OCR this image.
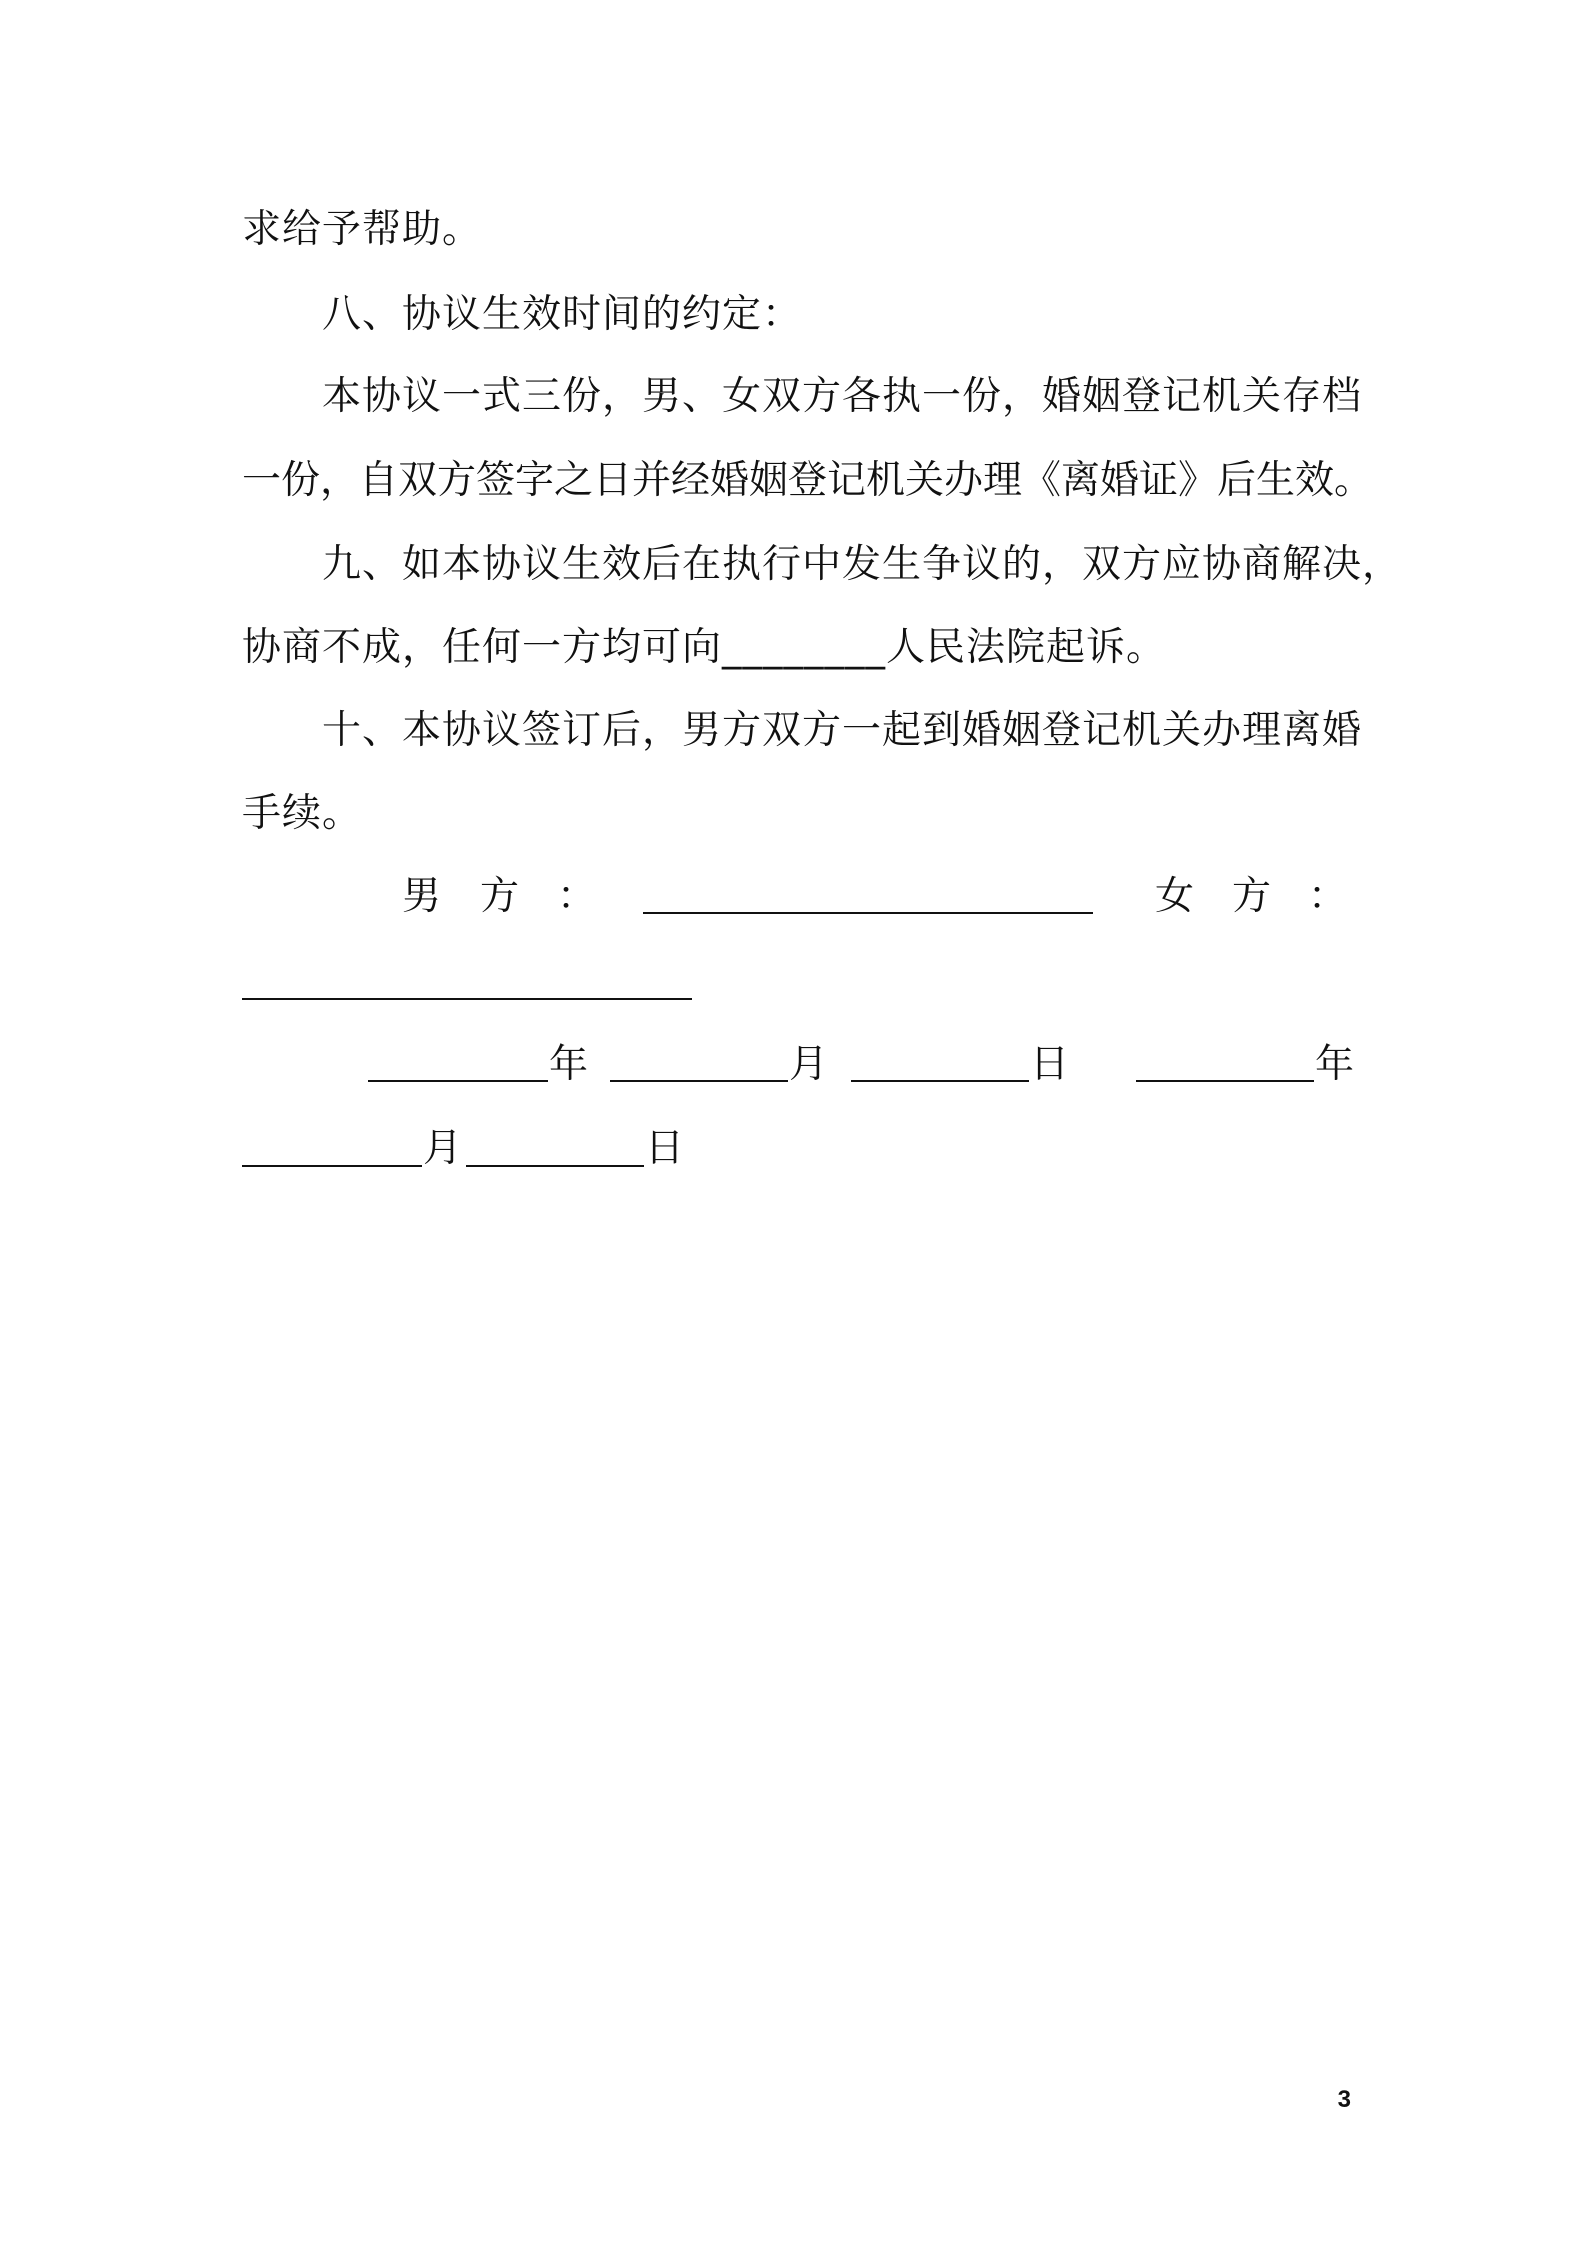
求给予帮助。
八、协议生效时间的约定：
本协议一式三份，男、女双方各执一份，婚姻登记机关存档
一份，自双方签字之日并经婚姻登记机关办理《离婚证》后生效。
九、如本协议生效后在执行中发生争议的，双方应协商解决，
协商不成，任何一方均可向________人民法院起诉。
十、本协议签订后，男方双方一起到婚姻登记机关办理离婚
手续。
男 方 ：	女 方 ：
年	月	日	年
月	日
3
